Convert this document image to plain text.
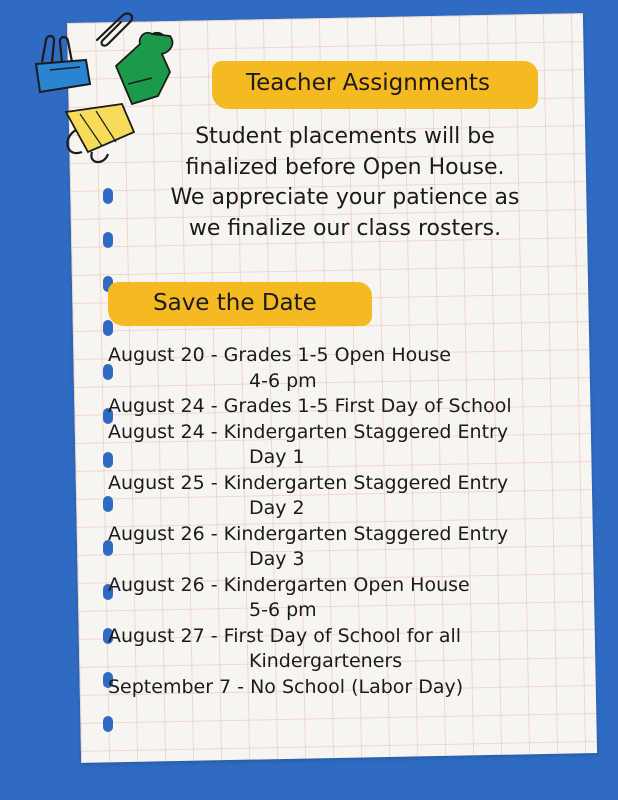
Teacher Assignments
Student placements will be
finalized before Open House.
We appreciate your patience as
we finalize our class rosters.
Save the Date
August 20 - Grades 1-5 Open House
4-6 pm
August 24 - Grades 1-5 First Day of School
August 24 - Kindergarten Staggered Entry
Day 1
August 25 - Kindergarten Staggered Entry
Day 2
August 26 - Kindergarten Staggered Entry
Day 3
August 26 - Kindergarten Open House
5-6 pm
August 27 - First Day of School for all
Kindergarteners
September 7 - No School (Labor Day)
